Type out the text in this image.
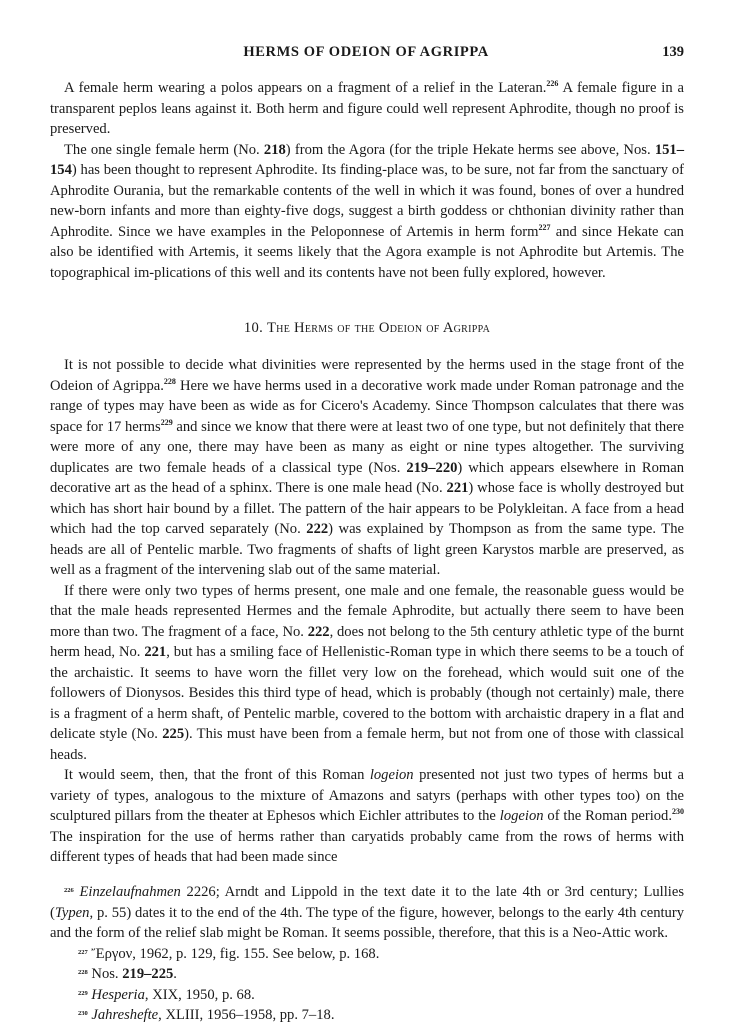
HERMS OF ODEION OF AGRIPPA	139

A female herm wearing a polos appears on a fragment of a relief in the Lateran.$^{226}$ A female figure in a transparent peplos leans against it. Both herm and figure could well represent Aphrodite, though no proof is preserved.

The one single female herm (No. 218) from the Agora (for the triple Hekate herms see above, Nos. 151–154) has been thought to represent Aphrodite. Its finding-place was, to be sure, not far from the sanctuary of Aphrodite Ourania, but the remarkable contents of the well in which it was found, bones of over a hundred new-born infants and more than eighty-five dogs, suggest a birth goddess or chthonian divinity rather than Aphrodite. Since we have examples in the Peloponnese of Artemis in herm form$^{227}$ and since Hekate can also be identified with Artemis, it seems likely that the Agora example is not Aphrodite but Artemis. The topographical im-plications of this well and its contents have not been fully explored, however.

10. The Herms of the Odeion of Agrippa

It is not possible to decide what divinities were represented by the herms used in the stage front of the Odeion of Agrippa.$^{228}$ Here we have herms used in a decorative work made under Roman patronage and the range of types may have been as wide as for Cicero's Academy. Since Thompson calculates that there was space for 17 herms$^{229}$ and since we know that there were at least two of one type, but not definitely that there were more of any one, there may have been as many as eight or nine types altogether. The surviving duplicates are two female heads of a classical type (Nos. 219–220) which appears elsewhere in Roman decorative art as the head of a sphinx. There is one male head (No. 221) whose face is wholly destroyed but which has short hair bound by a fillet. The pattern of the hair appears to be Polykleitan. A face from a head which had the top carved separately (No. 222) was explained by Thompson as from the same type. The heads are all of Pentelic marble. Two fragments of shafts of light green Karystos marble are preserved, as well as a fragment of the intervening slab out of the same material.

If there were only two types of herms present, one male and one female, the reasonable guess would be that the male heads represented Hermes and the female Aphrodite, but actually there seem to have been more than two. The fragment of a face, No. 222, does not belong to the 5th century athletic type of the burnt herm head, No. 221, but has a smiling face of Hellenistic-Roman type in which there seems to be a touch of the archaistic. It seems to have worn the fillet very low on the forehead, which would suit one of the followers of Dionysos. Besides this third type of head, which is probably (though not certainly) male, there is a fragment of a herm shaft, of Pentelic marble, covered to the bottom with archaistic drapery in a flat and delicate style (No. 225). This must have been from a female herm, but not from one of those with classical heads.

It would seem, then, that the front of this Roman logeion presented not just two types of herms but a variety of types, analogous to the mixture of Amazons and satyrs (perhaps with other types too) on the sculptured pillars from the theater at Ephesos which Eichler attributes to the logeion of the Roman period.$^{230}$ The inspiration for the use of herms rather than caryatids probably came from the rows of herms with different types of heads that had been made since

$^{226}$ Einzelaufnahmen 2226; Arndt and Lippold in the text date it to the late 4th or 3rd century; Lullies (Typen, p. 55) dates it to the end of the 4th. The type of the figure, however, belongs to the early 4th century and the form of the relief slab might be Roman. It seems possible, therefore, that this is a Neo-Attic work.

$^{227}$ Ἔργον, 1962, p. 129, fig. 155. See below, p. 168.

$^{228}$ Nos. 219–225.

$^{229}$ Hesperia, XIX, 1950, p. 68.

$^{230}$ Jahreshefte, XLIII, 1956–1958, pp. 7–18.
